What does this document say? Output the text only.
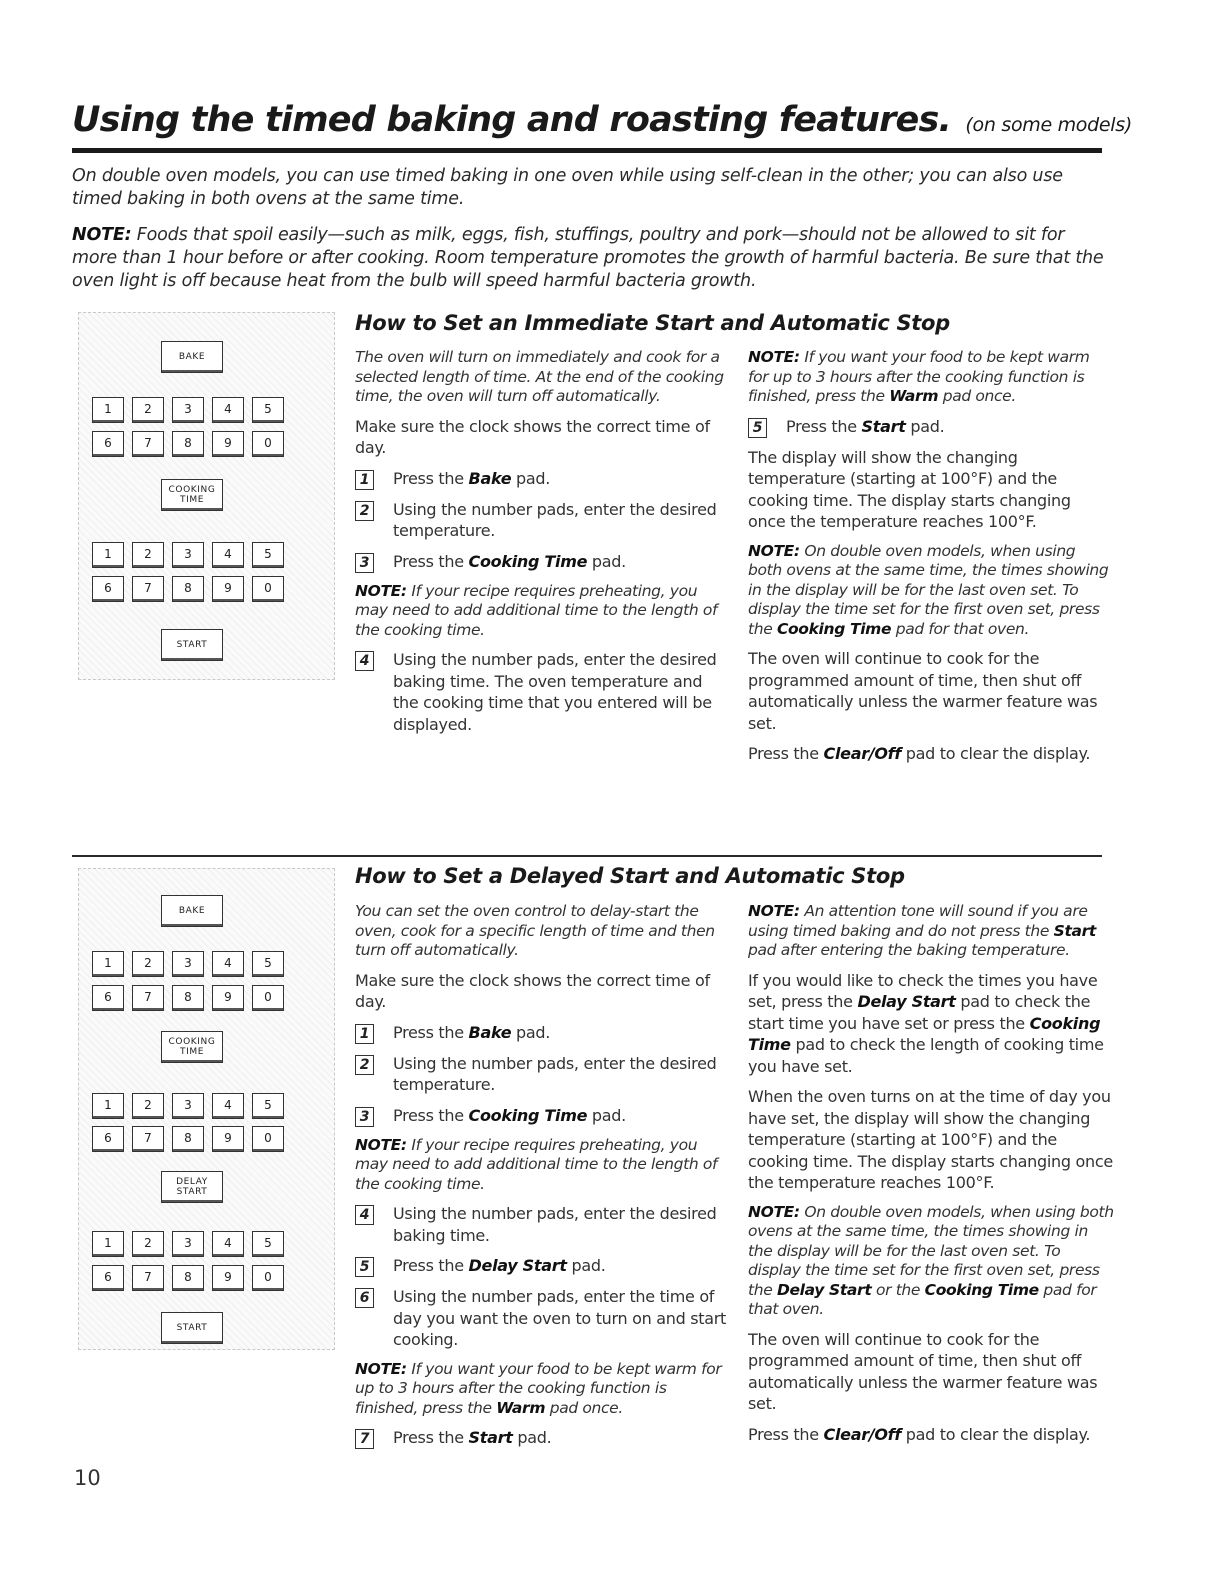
Using the timed baking and roasting features. (on some models)

On double oven models, you can use timed baking in one oven while using self-clean in the other; you can also use timed baking in both ovens at the same time.

NOTE: Foods that spoil easily—such as milk, eggs, fish, stuffings, poultry and pork—should not be allowed to sit for more than 1 hour before or after cooking. Room temperature promotes the growth of harmful bacteria. Be sure that the oven light is off because heat from the bulb will speed harmful bacteria growth.

BAKE
1	2	3	4	5
6	7	8	9	0
COOKING
TIME
1	2	3	4	5
6	7	8	9	0
START
How to Set an Immediate Start and Automatic Stop

The oven will turn on immediately and cook for a selected length of time. At the end of the cooking time, the oven will turn off automatically.

Make sure the clock shows the correct time of day.

1 Press the Bake pad.
2 Using the number pads, enter the desired temperature.
3 Press the Cooking Time pad.

NOTE: If your recipe requires preheating, you may need to add additional time to the length of the cooking time.

4 Using the number pads, enter the desired baking time. The oven temperature and the cooking time that you entered will be displayed.

NOTE: If you want your food to be kept warm for up to 3 hours after the cooking function is finished, press the Warm pad once.

5 Press the Start pad.

The display will show the changing temperature (starting at 100°F) and the cooking time. The display starts changing once the temperature reaches 100°F.

NOTE: On double oven models, when using both ovens at the same time, the times showing in the display will be for the last oven set. To display the time set for the first oven set, press the Cooking Time pad for that oven.

The oven will continue to cook for the programmed amount of time, then shut off automatically unless the warmer feature was set.

Press the Clear/Off pad to clear the display.

BAKE
1	2	3	4	5
6	7	8	9	0
COOKING
TIME
1	2	3	4	5
6	7	8	9	0
DELAY
START
1	2	3	4	5
6	7	8	9	0
START
How to Set a Delayed Start and Automatic Stop

You can set the oven control to delay-start the oven, cook for a specific length of time and then turn off automatically.

Make sure the clock shows the correct time of day.

1 Press the Bake pad.
2 Using the number pads, enter the desired temperature.
3 Press the Cooking Time pad.

NOTE: If your recipe requires preheating, you may need to add additional time to the length of the cooking time.

4 Using the number pads, enter the desired baking time.
5 Press the Delay Start pad.
6 Using the number pads, enter the time of day you want the oven to turn on and start cooking.

NOTE: If you want your food to be kept warm for up to 3 hours after the cooking function is finished, press the Warm pad once.

7 Press the Start pad.

NOTE: An attention tone will sound if you are using timed baking and do not press the Start pad after entering the baking temperature.

If you would like to check the times you have set, press the Delay Start pad to check the start time you have set or press the Cooking Time pad to check the length of cooking time you have set.

When the oven turns on at the time of day you have set, the display will show the changing temperature (starting at 100°F) and the cooking time. The display starts changing once the temperature reaches 100°F.

NOTE: On double oven models, when using both ovens at the same time, the times showing in the display will be for the last oven set. To display the time set for the first oven set, press the Delay Start or the Cooking Time pad for that oven.

The oven will continue to cook for the programmed amount of time, then shut off automatically unless the warmer feature was set.

Press the Clear/Off pad to clear the display.

10
